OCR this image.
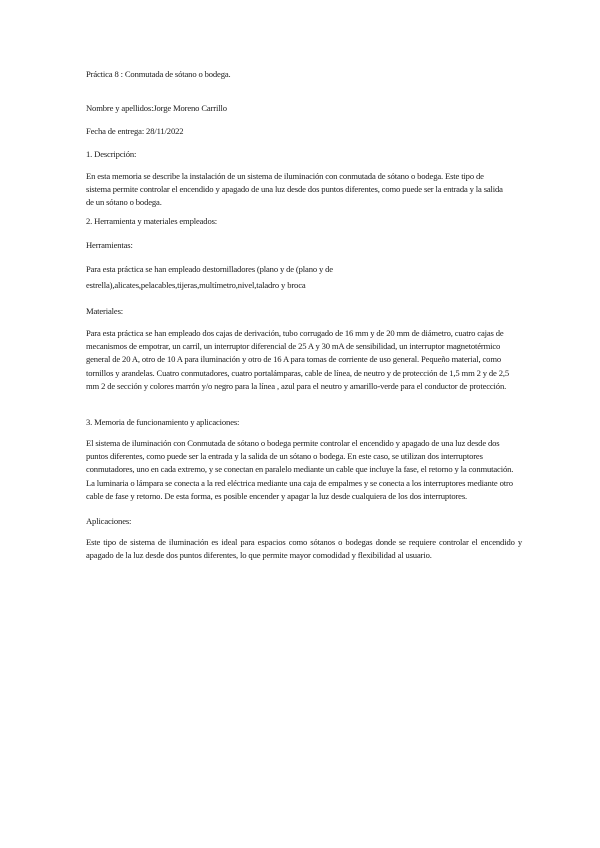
Práctica 8 : Conmutada de sótano o bodega.

Nombre y apellidos:Jorge Moreno Carrillo

Fecha de entrega: 28/11/2022

1. Descripción:

En esta memoria se describe la instalación de un sistema de iluminación con conmutada de sótano o bodega. Este tipo de sistema permite controlar el encendido y apagado de una luz desde dos puntos diferentes, como puede ser la entrada y la salida de un sótano o bodega.

2. Herramienta y materiales empleados:

Herramientas:

Para esta práctica se han empleado destornilladores (plano y de (plano y de

estrella),alicates,pelacables,tijeras,multímetro,nivel,taladro y broca

Materiales:

Para esta práctica se han empleado dos cajas de derivación, tubo corrugado de 16 mm y de 20 mm de diámetro, cuatro cajas de mecanismos de empotrar, un carril, un interruptor diferencial de 25 A y 30 mA de sensibilidad, un interruptor magnetotérmico general de 20 A, otro de 10 A para iluminación y otro de 16 A para tomas de corriente de uso general. Pequeño material, como tornillos y arandelas. Cuatro conmutadores, cuatro portalámparas, cable de línea, de neutro y de protección de 1,5 mm 2 y de 2,5 mm 2 de sección y colores marrón y/o negro para la línea , azul para el neutro y amarillo-verde para el conductor de protección.

3. Memoria de funcionamiento y aplicaciones:

El sistema de iluminación con Conmutada de sótano o bodega permite controlar el encendido y apagado de una luz desde dos puntos diferentes, como puede ser la entrada y la salida de un sótano o bodega. En este caso, se utilizan dos interruptores conmutadores, uno en cada extremo, y se conectan en paralelo mediante un cable que incluye la fase, el retorno y la conmutación. La luminaria o lámpara se conecta a la red eléctrica mediante una caja de empalmes y se conecta a los interruptores mediante otro cable de fase y retorno. De esta forma, es posible encender y apagar la luz desde cualquiera de los dos interruptores.

Aplicaciones:

Este tipo de sistema de iluminación es ideal para espacios como sótanos o bodegas donde se requiere controlar el encendido y apagado de la luz desde dos puntos diferentes, lo que permite mayor comodidad y flexibilidad al usuario.
